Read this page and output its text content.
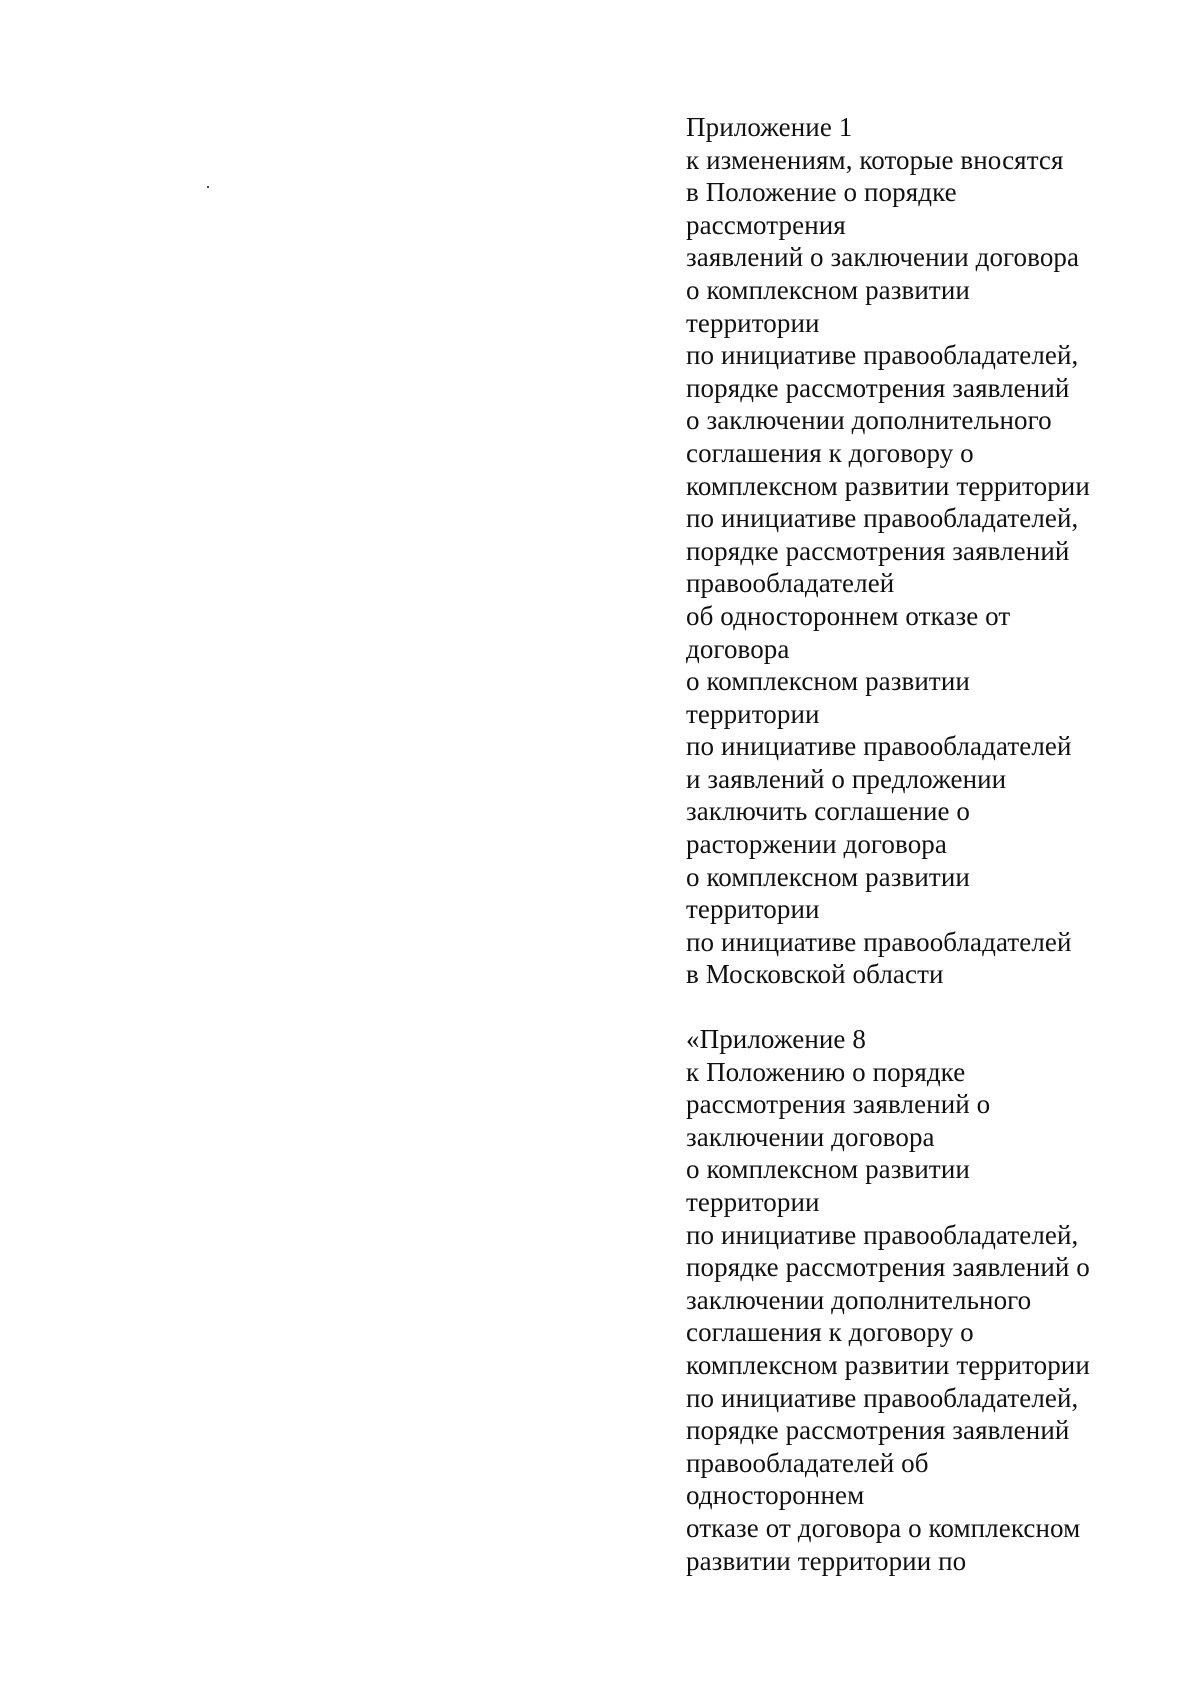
Приложение 1
к изменениям, которые вносятся
в Положение о порядке
рассмотрения
заявлений о заключении договора
о комплексном развитии
территории
по инициативе правообладателей,
порядке рассмотрения заявлений
о заключении дополнительного
соглашения к договору о
комплексном развитии территории
по инициативе правообладателей,
порядке рассмотрения заявлений
правообладателей
об одностороннем отказе от
договора
о комплексном развитии
территории
по инициативе правообладателей
и заявлений о предложении
заключить соглашение о
расторжении договора
о комплексном развитии
территории
по инициативе правообладателей
в Московской области
«Приложение 8
к Положению о порядке
рассмотрения заявлений о
заключении договора
о комплексном развитии
территории
по инициативе правообладателей,
порядке рассмотрения заявлений о
заключении дополнительного
соглашения к договору о
комплексном развитии территории
по инициативе правообладателей,
порядке рассмотрения заявлений
правообладателей об
одностороннем
отказе от договора о комплексном
развитии территории по
